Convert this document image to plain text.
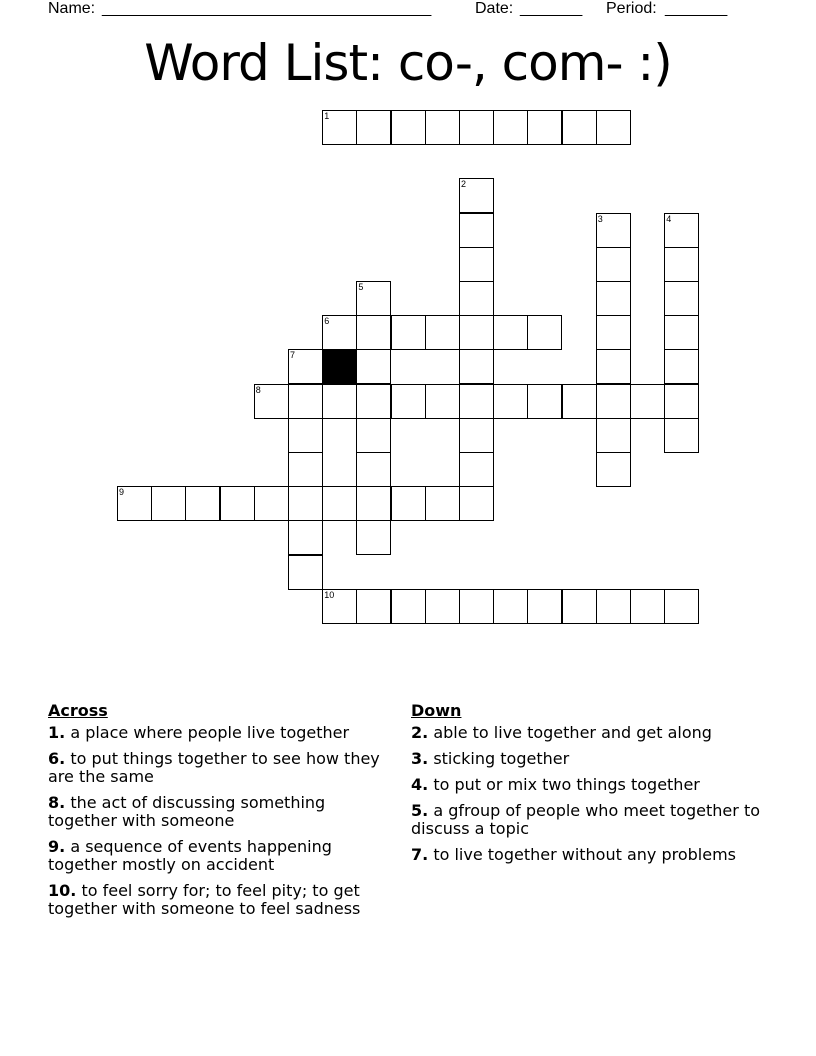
Name: _____________________________________	Date: _______ Period: _______
Word List: co-, com- :)
1
2
3	4
5
6
7
8
9
10
Across
1. a place where people live together
6. to put things together to see how they are the same
8. the act of discussing something together with someone
9. a sequence of events happening together mostly on accident
10. to feel sorry for; to feel pity; to get together with someone to feel sadness
Down
2. able to live together and get along
3. sticking together
4. to put or mix two things together
5. a gfroup of people who meet together to discuss a topic
7. to live together without any problems
